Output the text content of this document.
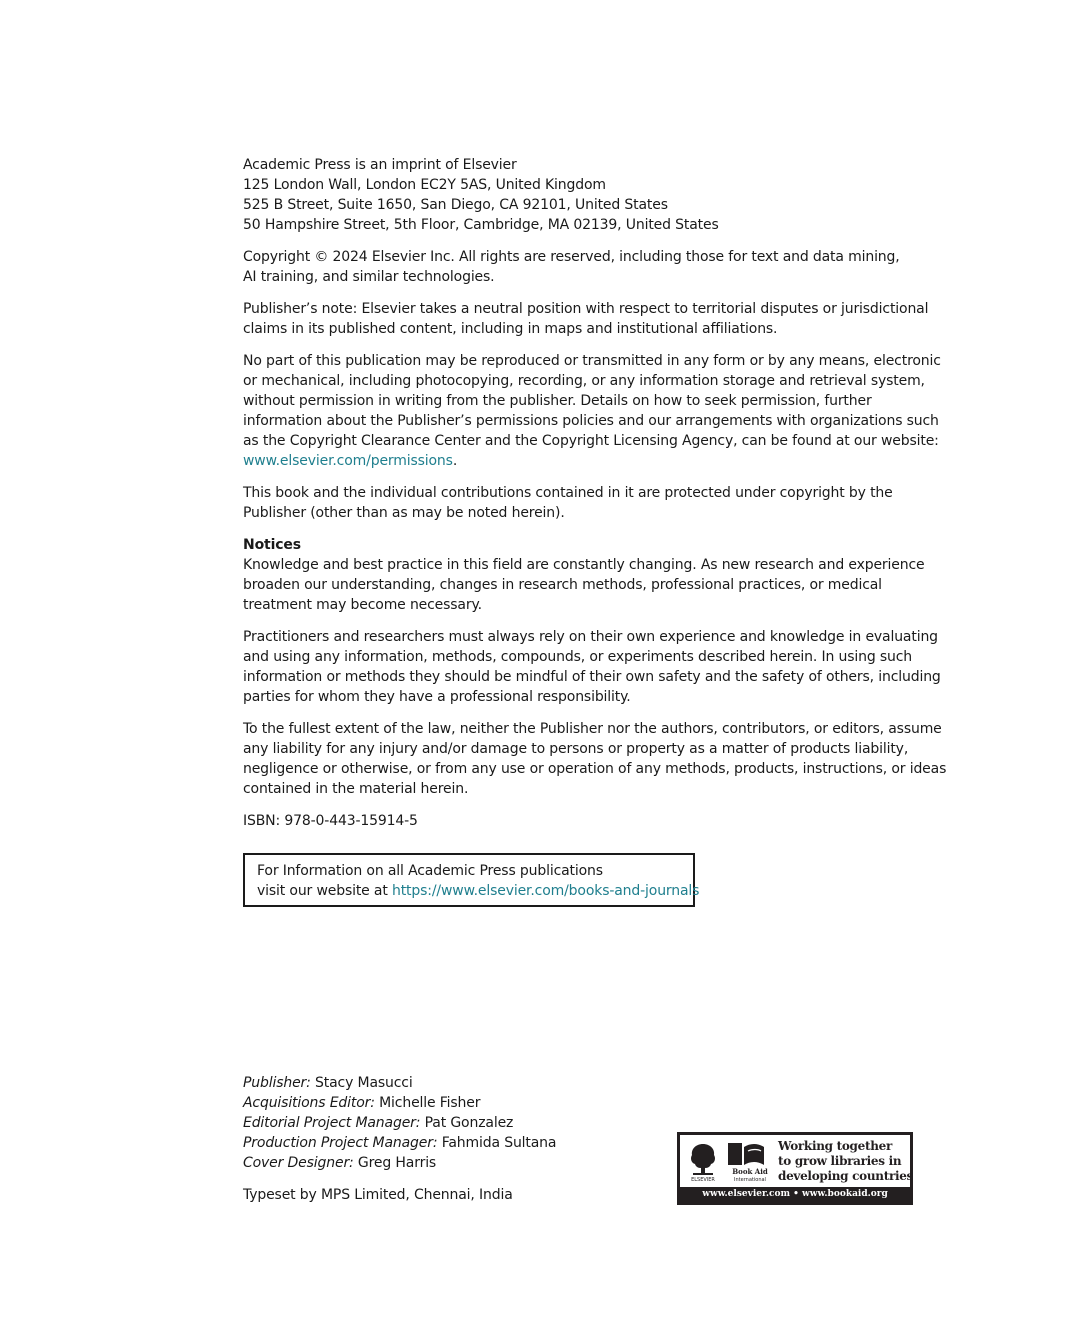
Academic Press is an imprint of Elsevier
125 London Wall, London EC2Y 5AS, United Kingdom
525 B Street, Suite 1650, San Diego, CA 92101, United States
50 Hampshire Street, 5th Floor, Cambridge, MA 02139, United States

Copyright © 2024 Elsevier Inc. All rights are reserved, including those for text and data mining,
AI training, and similar technologies.

Publisher’s note: Elsevier takes a neutral position with respect to territorial disputes or jurisdictional
claims in its published content, including in maps and institutional affiliations.

No part of this publication may be reproduced or transmitted in any form or by any means, electronic
or mechanical, including photocopying, recording, or any information storage and retrieval system,
without permission in writing from the publisher. Details on how to seek permission, further
information about the Publisher’s permissions policies and our arrangements with organizations such
as the Copyright Clearance Center and the Copyright Licensing Agency, can be found at our website:
www.elsevier.com/permissions.

This book and the individual contributions contained in it are protected under copyright by the
Publisher (other than as may be noted herein).

Notices
Knowledge and best practice in this field are constantly changing. As new research and experience
broaden our understanding, changes in research methods, professional practices, or medical
treatment may become necessary.

Practitioners and researchers must always rely on their own experience and knowledge in evaluating
and using any information, methods, compounds, or experiments described herein. In using such
information or methods they should be mindful of their own safety and the safety of others, including
parties for whom they have a professional responsibility.

To the fullest extent of the law, neither the Publisher nor the authors, contributors, or editors, assume
any liability for any injury and/or damage to persons or property as a matter of products liability,
negligence or otherwise, or from any use or operation of any methods, products, instructions, or ideas
contained in the material herein.

ISBN: 978-0-443-15914-5

For Information on all Academic Press publications
visit our website at https://www.elsevier.com/books-and-journals
Publisher: Stacy Masucci
Acquisitions Editor: Michelle Fisher
Editorial Project Manager: Pat Gonzalez
Production Project Manager: Fahmida Sultana
Cover Designer: Greg Harris
Typeset by MPS Limited, Chennai, India
ELSEVIER
Book Aid
International
Working together
to grow libraries in
developing countries
www.elsevier.com • www.bookaid.org
